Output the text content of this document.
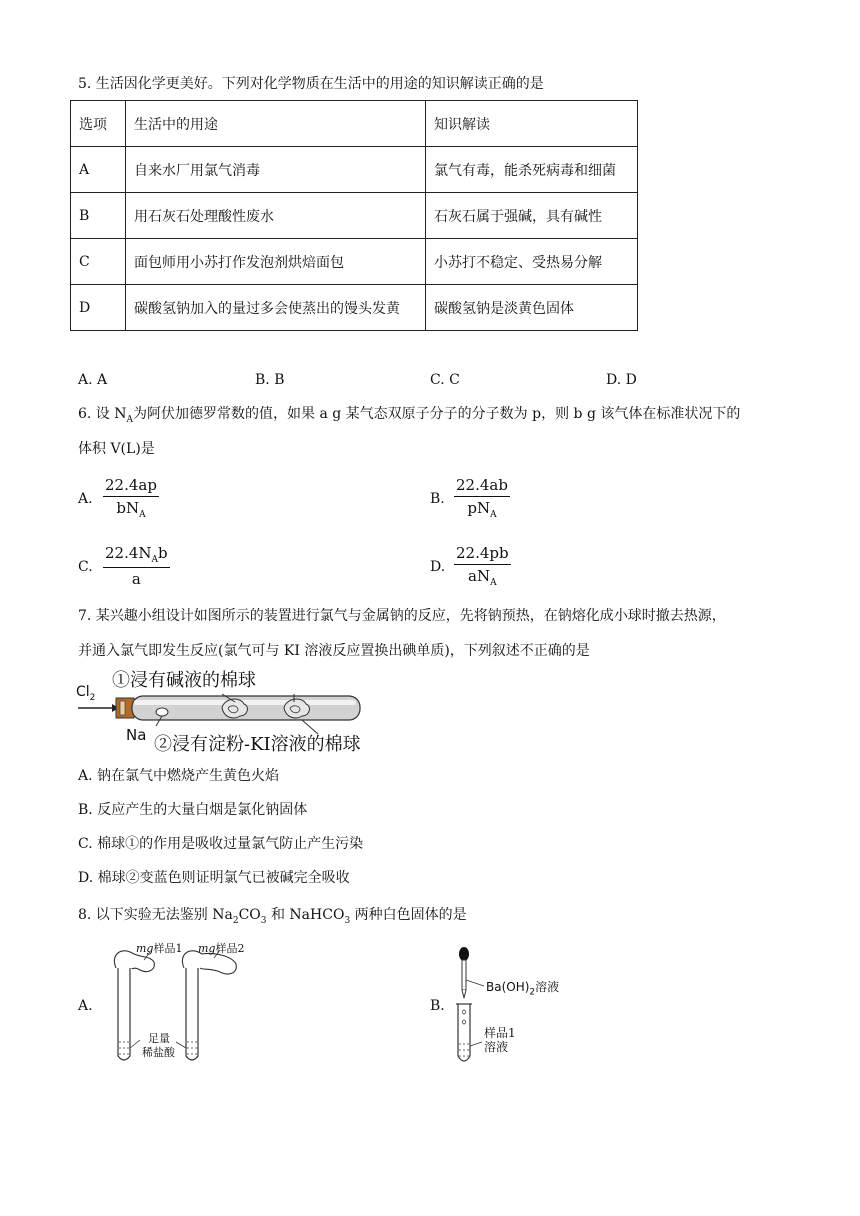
5. 生活因化学更美好。下列对化学物质在生活中的用途的知识解读正确的是
选项	生活中的用途	知识解读
A	自来水厂用氯气消毒	氯气有毒，能杀死病毒和细菌
B	用石灰石处理酸性废水	石灰石属于强碱，具有碱性
C	面包师用小苏打作发泡剂烘焙面包	小苏打不稳定、受热易分解
D	碳酸氢钠加入的量过多会使蒸出的馒头发黄	碳酸氢钠是淡黄色固体
A. A	B. B	C. C	D. D
6. 设 $N_A$为阿伏加德罗常数的值，如果 a g 某气态双原子分子的分子数为 p，则 b g 该气体在标准状况下的
体积 V(L)是
A.
22.4ap
$bN_A$
B.
22.4ab
$pN_A$
C.
$22.4N_Ab$
a
D.
22.4pb
$aN_A$
7. 某兴趣小组设计如图所示的装置进行氯气与金属钠的反应，先将钠预热，在钠熔化成小球时撤去热源，
并通入氯气即发生反应(氯气可与 KI 溶液反应置换出碘单质)，下列叙述不正确的是
$Cl_2$
①浸有碱液的棉球
Na ②浸有淀粉-KI溶液的棉球
A. 钠在氯气中燃烧产生黄色火焰
B. 反应产生的大量白烟是氯化钠固体
C. 棉球①的作用是吸收过量氯气防止产生污染
D. 棉球②变蓝色则证明氯气已被碱完全吸收
8. 以下实验无法鉴别 $Na_2CO_3$ 和 NaHCO$_3$ 两种白色固体的是
A.
mg样品1 mg样品2
足量
稀盐酸
B.
$Ba(OH)_2$溶液
样品1
溶液
